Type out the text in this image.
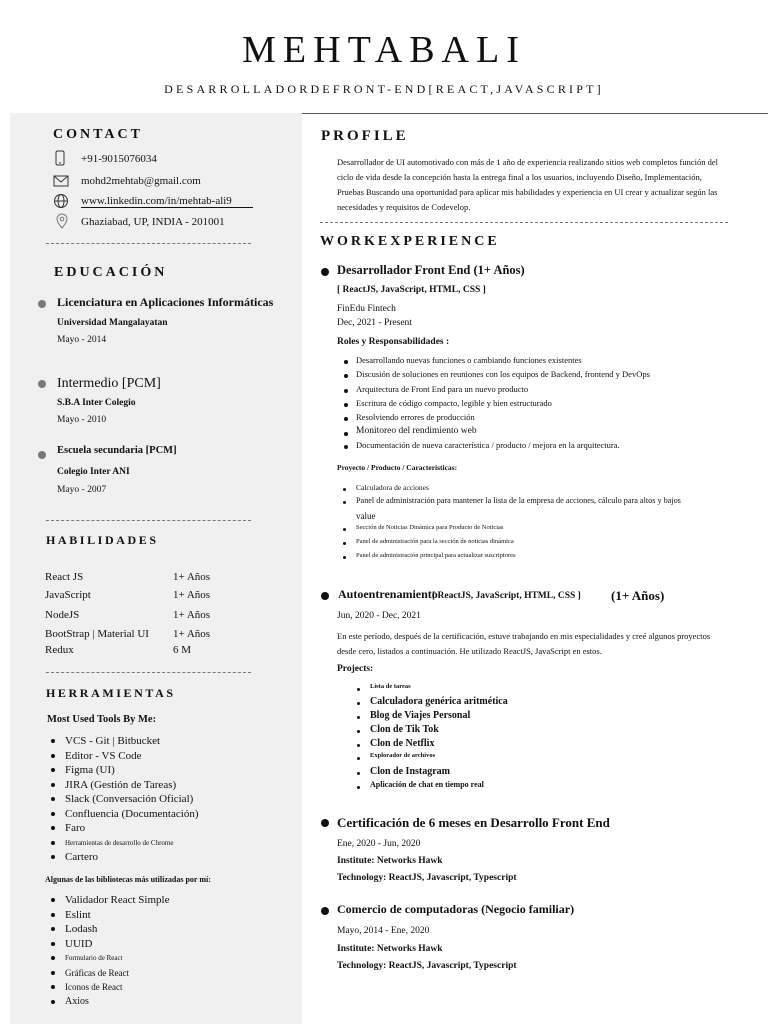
MEHTABALI
DESARROLLADORDEFRONT-END[REACT,JAVASCRIPT]
CONTACT
+91-9015076034
mohd2mehtab@gmail.com
www.linkedin.com/in/mehtab-ali9
Ghaziabad, UP, INDIA - 201001
EDUCACIÓN
Licenciatura en Aplicaciones Informáticas
Universidad Mangalayatan
Mayo - 2014
Intermedio [PCM]
S.B.A Inter Colegio
Mayo - 2010
Escuela secundaria [PCM]
Colegio Inter ANI
Mayo - 2007
HABILIDADES
React JS	1+ Años
JavaScript	1+ Años
NodeJS	1+ Años
BootStrap | Material UI 1+ Años
Redux	6 M
HERRAMIENTAS
Most Used Tools By Me:
VCS - Git | Bitbucket
Editor - VS Code
Figma (UI)
JIRA (Gestión de Tareas)
Slack (Conversación Oficial)
Confluencia (Documentación)
Faro
Herramientas de desarrollo de Chrome
Cartero
Algunas de las bibliotecas más utilizadas por mí:
Validador React Simple
Eslint
Lodash
UUID
Formulario de React
Gráficas de React
Iconos de React
Axios
PROFILE
Desarrollador de UI automotivado con más de 1 año de experiencia realizando sitios web completos función del ciclo de vida desde la concepción hasta la entrega final a los usuarios, incluyendo Diseño, Implementación, Pruebas Buscando una oportunidad para aplicar mis habilidades y experiencia en UI crear y actualizar según las necesidades y requisitos de Codevelop.
WORKEXPERIENCE
Desarrollador Front End (1+ Años)
[ ReactJS, JavaScript, HTML, CSS ]
FinEdu Fintech
Dec, 2021 - Present
Roles y Responsabilidades :
Desarrollando nuevas funciones o cambiando funciones existentes
Discusión de soluciones en reuniones con los equipos de Backend, frontend y DevOps
Arquitectura de Front End para un nuevo producto
Escritura de código compacto, legible y bien estructurado
Resolviendo errores de producción
Monitoreo del rendimiento web
Documentación de nueva característica / producto / mejora en la arquitectura.
Proyecto / Producto / Características:
Calculadora de acciones
Panel de administración para mantener la lista de la empresa de acciones, cálculo para altos y bajos
value
Sección de Noticias Dinámica para Producto de Noticias
Panel de administración para la sección de noticias dinámica
Panel de administración principal para actualizar suscriptores
Autoentrenamiento
[ ReactJS, JavaScript, HTML, CSS ] (1+ Años)
Jun, 2020 - Dec, 2021
En este período, después de la certificación, estuve trabajando en mis especialidades y creé algunos proyectos desde cero, listados a continuación. He utilizado ReactJS, JavaScript en estos.
Projects:
Lista de tareas
Calculadora genérica aritmética
Blog de Viajes Personal
Clon de Tik Tok
Clon de Netflix
Explorador de archivos
Clon de Instagram
Aplicación de chat en tiempo real
Certificación de 6 meses en Desarrollo Front End
Ene, 2020 - Jun, 2020
Institute: Networks Hawk
Technology: ReactJS, Javascript, Typescript
Comercio de computadoras (Negocio familiar)
Mayo, 2014 - Ene, 2020
Institute: Networks Hawk
Technology: ReactJS, Javascript, Typescript
